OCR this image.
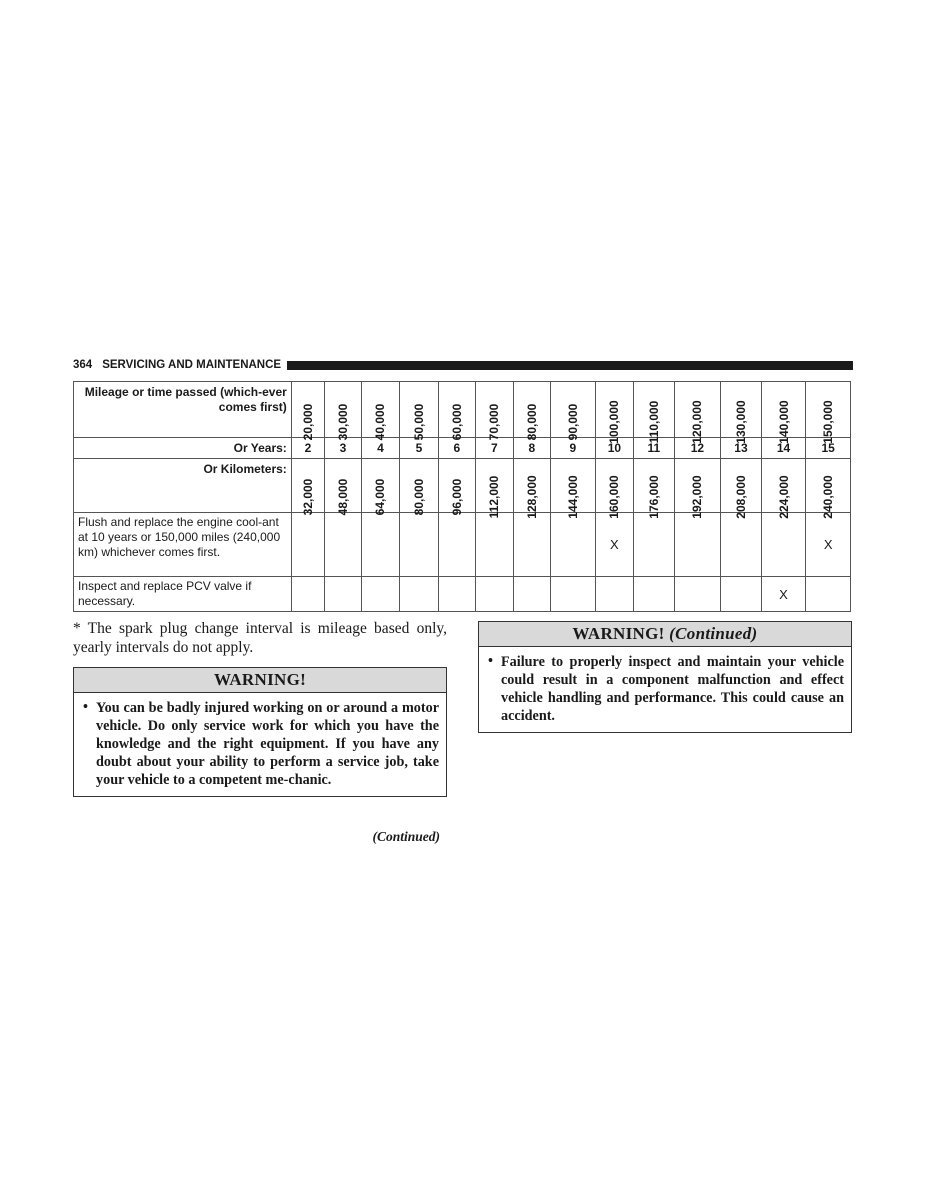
364 SERVICING AND MAINTENANCE
Mileage or time passed (which-ever comes first)	20,000	30,000	40,000	50,000	60,000	70,000	80,000	90,000	100,000	110,000	120,000	130,000	140,000	150,000

Or Years:	2	3	4	5	6	7	8	9	10	11	12	13	14	15
Or Kilometers:	32,000	48,000	64,000	80,000	96,000	112,000	128,000	144,000	160,000	176,000	192,000	208,000	224,000	240,000

Flush and replace the engine cool-ant at 10 years or 150,000 miles (240,000 km) whichever comes first.									X					X
Inspect and replace PCV valve if necessary.													X	
* The spark plug change interval is mileage based only, yearly intervals do not apply.
WARNING!
• You can be badly injured working on or around a motor vehicle. Do only service work for which you have the knowledge and the right equipment. If you have any doubt about your ability to perform a service job, take your vehicle to a competent me-chanic.
(Continued)
WARNING! (Continued)
• Failure to properly inspect and maintain your vehicle could result in a component malfunction and effect vehicle handling and performance. This could cause an accident.
